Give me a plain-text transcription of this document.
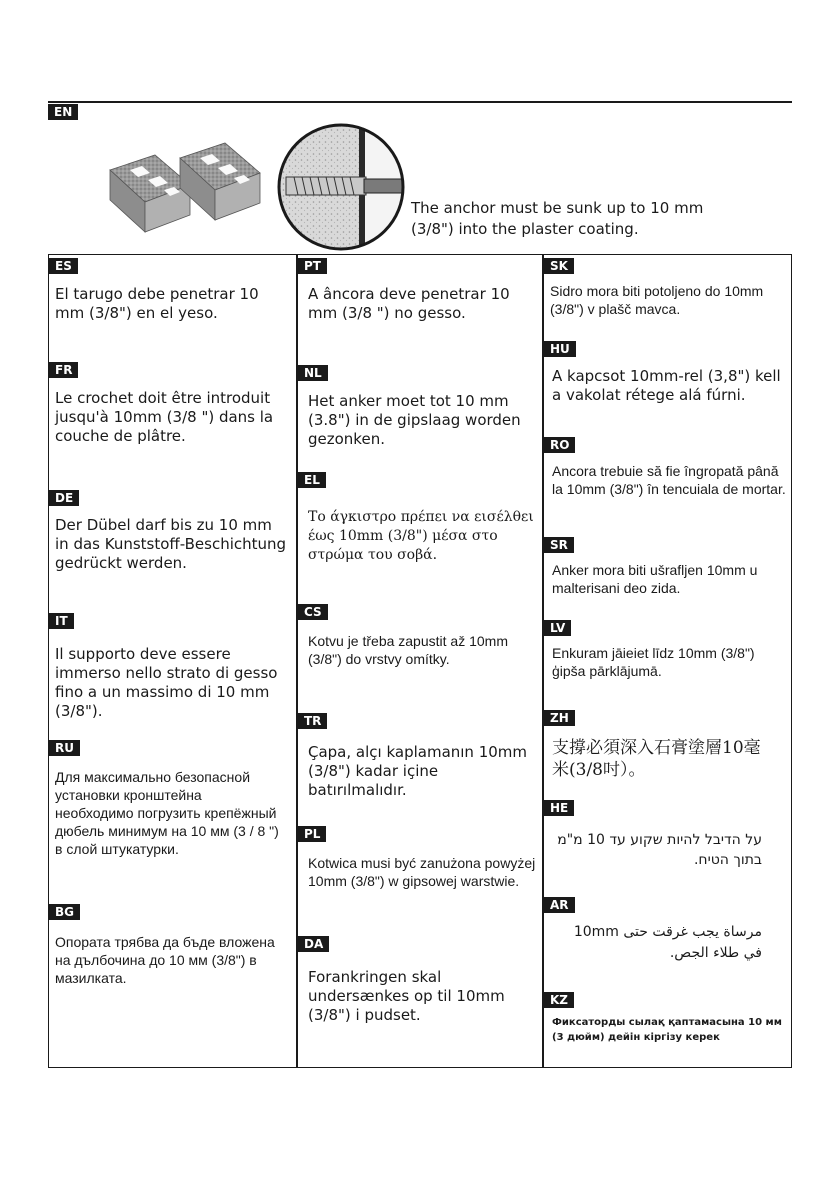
EN
The anchor must be sunk up to 10 mm (3/8") into the plaster coating.
ES
El tarugo debe penetrar 10 mm (3/8") en el yeso.
FR
Le crochet doit être introduit jusqu'à 10mm (3/8 ") dans la couche de plâtre.
DE
Der Dübel darf bis zu 10 mm in das Kunststoff-Beschichtung gedrückt werden.
IT
Il supporto deve essere immerso nello strato di gesso fino a un massimo di 10 mm (3/8").
RU
Для максимально безопасной установки кронштейна необходимо погрузить крепёжный дюбель минимум на 10 мм (3 / 8 ") в слой штукатурки.
BG
Опората трябва да бъде вложена на дълбочина до 10 мм (3/8") в мазилката.
PT
A âncora deve penetrar 10 mm (3/8 ") no gesso.
NL
Het anker moet tot 10 mm (3.8") in de gipslaag worden gezonken.
EL
Το άγκιστρο πρέπει να εισέλθει έως 10mm (3/8") μέσα στο στρώμα του σοβά.
CS
Kotvu je třeba zapustit až 10mm (3/8") do vrstvy omítky.
TR
Çapa, alçı kaplamanın 10mm (3/8") kadar içine batırılmalıdır.
PL
Kotwica musi być zanużona powyżej 10mm (3/8") w gipsowej warstwie.
DA
Forankringen skal undersænkes op til 10mm (3/8") i pudset.
SK
Sidro mora biti potoljeno do 10mm (3/8") v plašč mavca.
HU
A kapcsot 10mm-rel (3,8") kell a vakolat rétege alá fúrni.
RO
Ancora trebuie să fie îngropată până la 10mm (3/8") în tencuiala de mortar.
SR
Anker mora biti ušrafljen 10mm u malterisani deo zida.
LV
Enkuram jāieiet līdz 10mm (3/8") ģipša pārklājumā.
ZH
支撐必須深入石膏塗層10毫米(3/8吋）。
HE
על הדיבל להיות שקוע עד 10 מ"מ בתוך הטיח.
AR
مرساة يجب غرقت حتى 10mm في طلاء الجص.
KZ
Фиксаторды сылақ қаптамасына 10 мм (3 дюйм) дейін кіргізу керек
